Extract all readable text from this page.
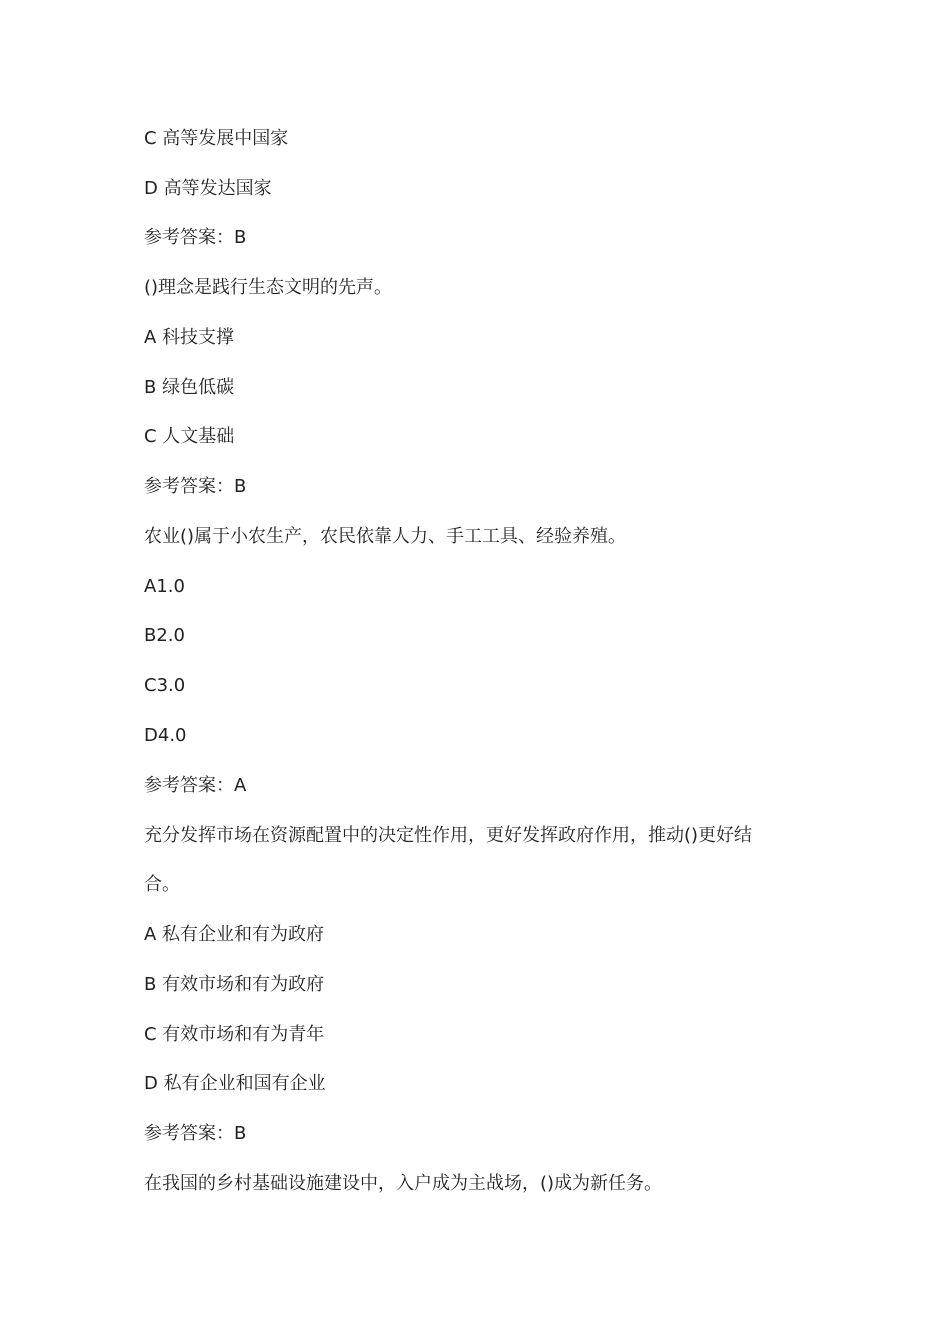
C 高等发展中国家
D 高等发达国家
参考答案：B
()理念是践行生态文明的先声。
A 科技支撑
B 绿色低碳
C 人文基础
参考答案：B
农业()属于小农生产，农民依靠人力、手工工具、经验养殖。
A1.0
B2.0
C3.0
D4.0
参考答案：A
充分发挥市场在资源配置中的决定性作用，更好发挥政府作用，推动()更好结
合。
A 私有企业和有为政府
B 有效市场和有为政府
C 有效市场和有为青年
D 私有企业和国有企业
参考答案：B
在我国的乡村基础设施建设中，入户成为主战场，()成为新任务。
